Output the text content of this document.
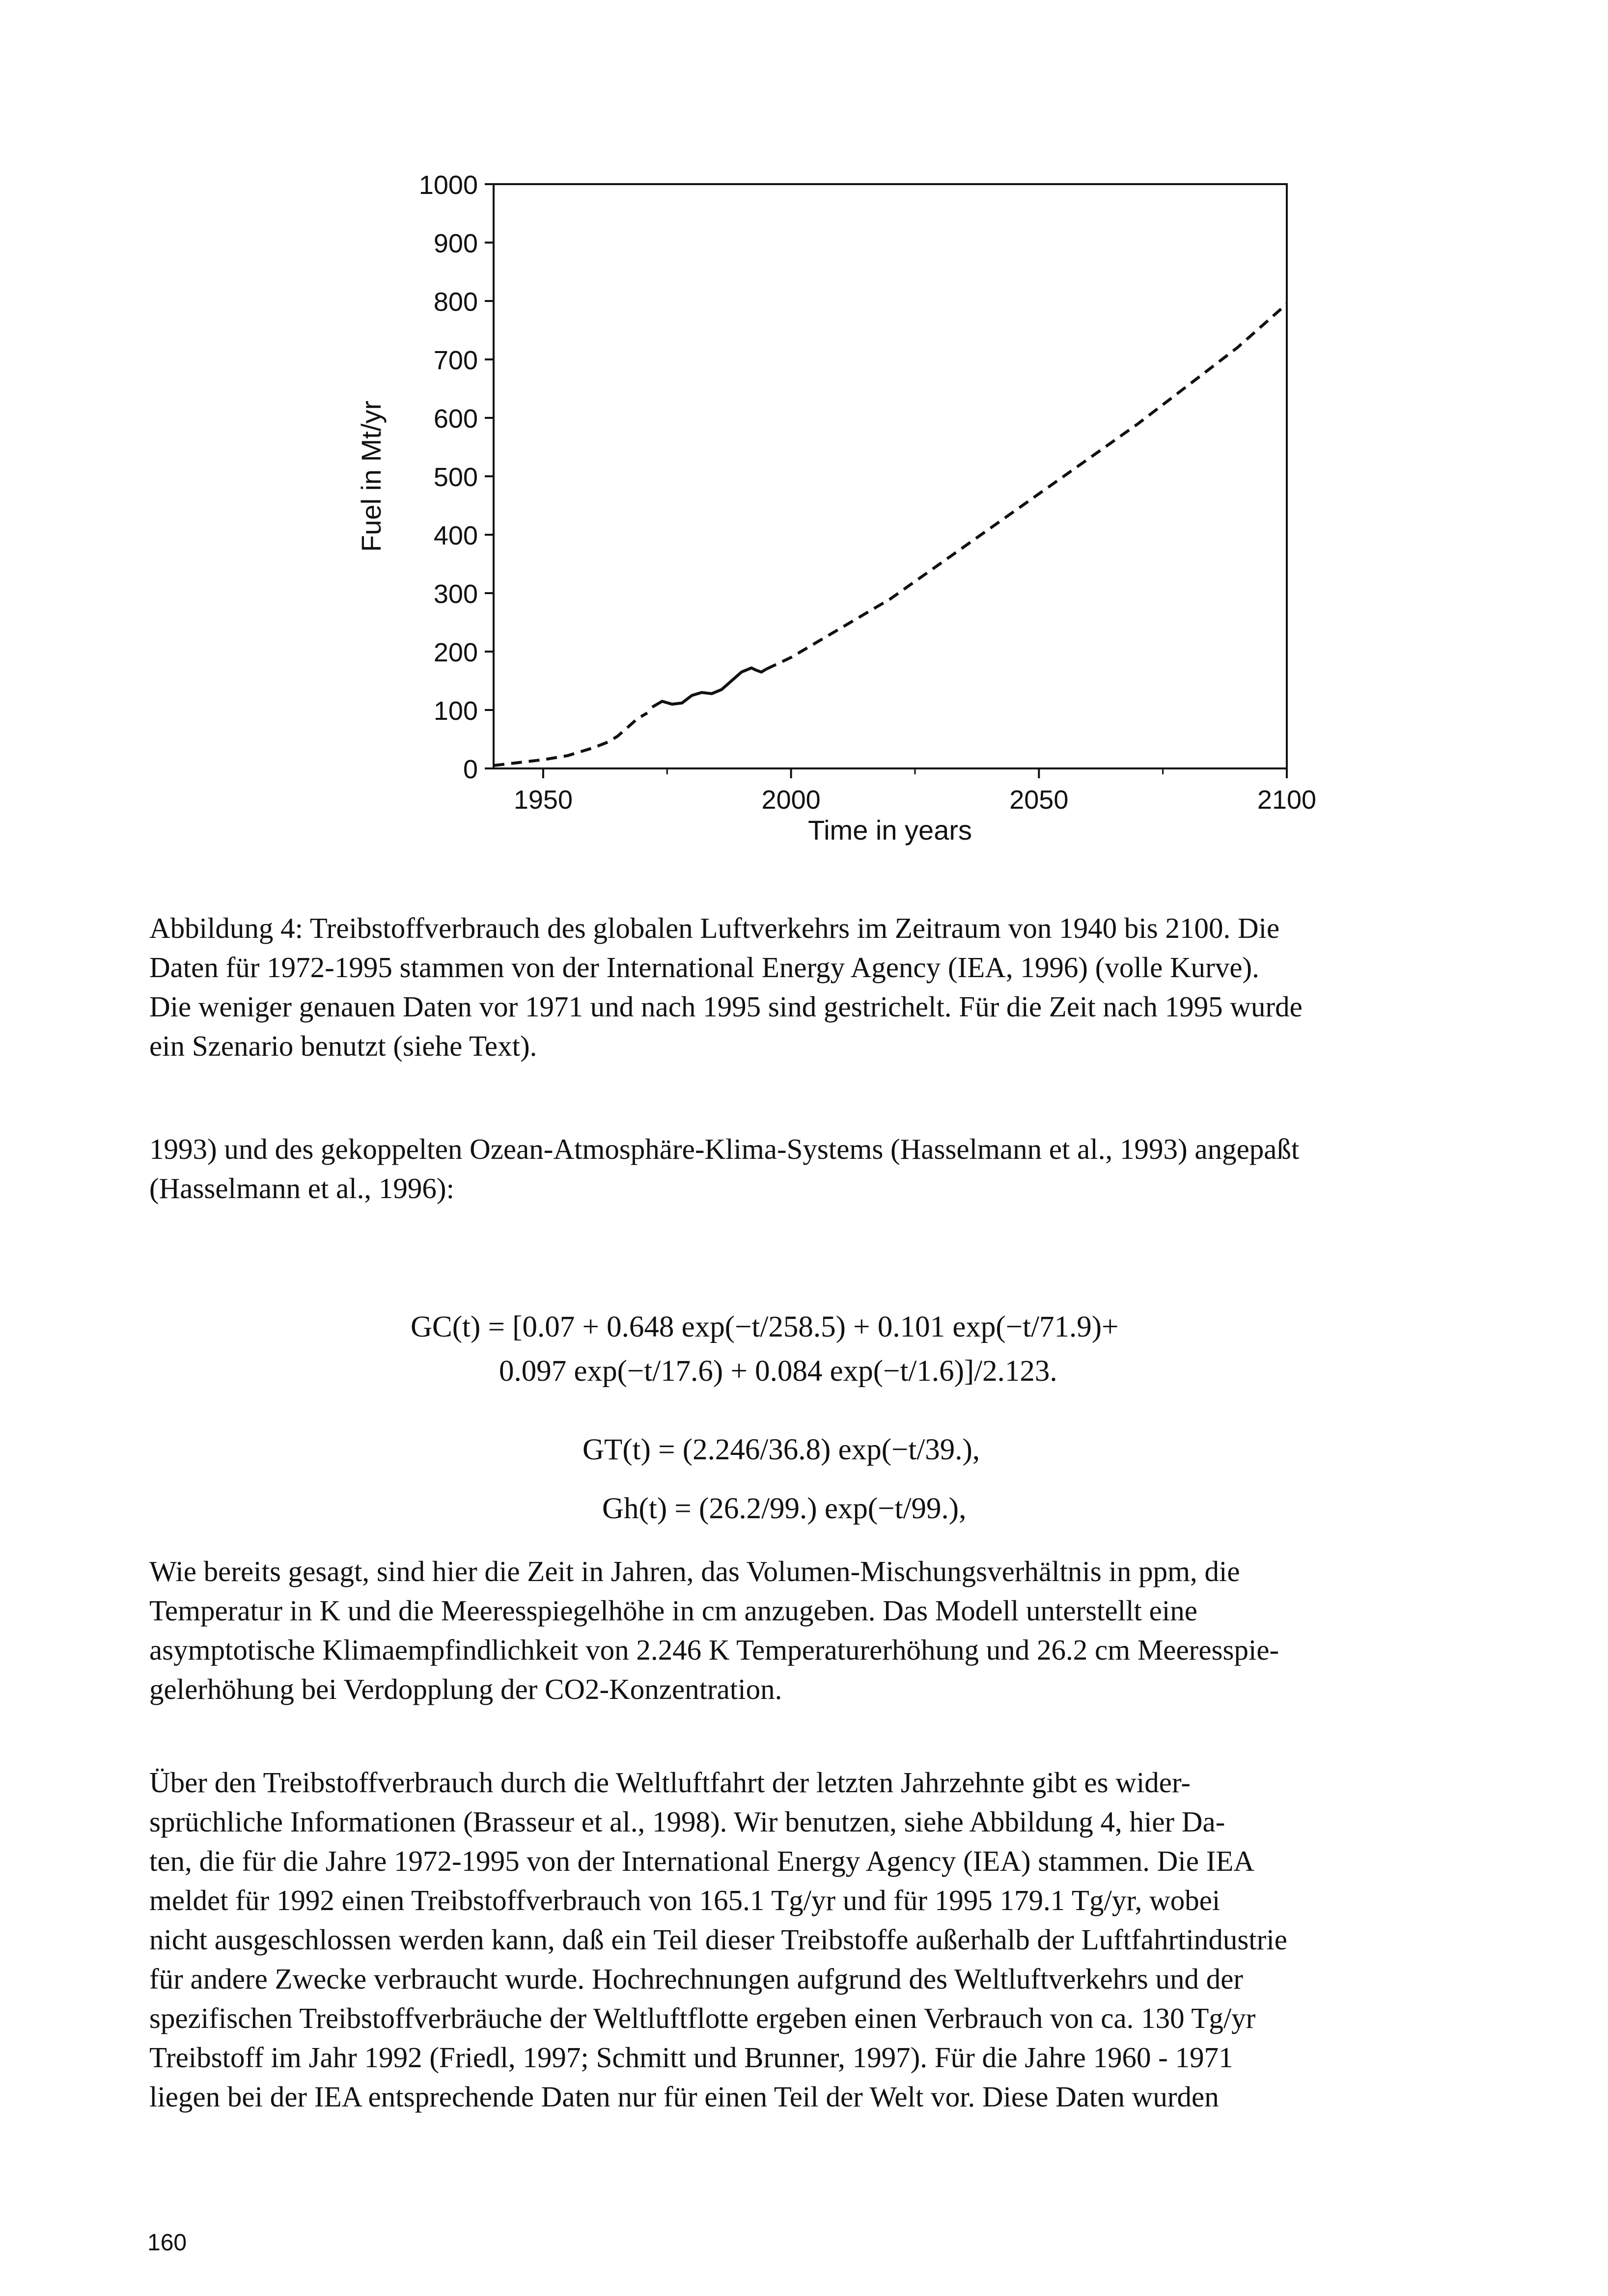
0
100
200
300
400
500
600
700
800
900
1000
1950	2000	2050	2100
Fuel in Mt/yr
Time in years
Abbildung 4: Treibstoffverbrauch des globalen Luftverkehrs im Zeitraum von 1940 bis 2100. Die
Daten für 1972-1995 stammen von der International Energy Agency (IEA, 1996) (volle Kurve).
Die weniger genauen Daten vor 1971 und nach 1995 sind gestrichelt. Für die Zeit nach 1995 wurde
ein Szenario benutzt (siehe Text).
1993) und des gekoppelten Ozean-Atmosphäre-Klima-Systems (Hasselmann et al., 1993) angepaßt
(Hasselmann et al., 1996):
GC(t) = [0.07 + 0.648 exp(−t/258.5) + 0.101 exp(−t/71.9)+
0.097 exp(−t/17.6) + 0.084 exp(−t/1.6)]/2.123.
GT(t) = (2.246/36.8) exp(−t/39.),
Gh(t) = (26.2/99.) exp(−t/99.),
Wie bereits gesagt, sind hier die Zeit in Jahren, das Volumen-Mischungsverhältnis in ppm, die
Temperatur in K und die Meeresspiegelhöhe in cm anzugeben. Das Modell unterstellt eine
asymptotische Klimaempfindlichkeit von 2.246 K Temperaturerhöhung und 26.2 cm Meeresspie-
gelerhöhung bei Verdopplung der CO2-Konzentration.
Über den Treibstoffverbrauch durch die Weltluftfahrt der letzten Jahrzehnte gibt es wider-
sprüchliche Informationen (Brasseur et al., 1998). Wir benutzen, siehe Abbildung 4, hier Da-
ten, die für die Jahre 1972-1995 von der International Energy Agency (IEA) stammen. Die IEA
meldet für 1992 einen Treibstoffverbrauch von 165.1 Tg/yr und für 1995 179.1 Tg/yr, wobei
nicht ausgeschlossen werden kann, daß ein Teil dieser Treibstoffe außerhalb der Luftfahrtindustrie
für andere Zwecke verbraucht wurde. Hochrechnungen aufgrund des Weltluftverkehrs und der
spezifischen Treibstoffverbräuche der Weltluftflotte ergeben einen Verbrauch von ca. 130 Tg/yr
Treibstoff im Jahr 1992 (Friedl, 1997; Schmitt und Brunner, 1997). Für die Jahre 1960 - 1971
liegen bei der IEA entsprechende Daten nur für einen Teil der Welt vor. Diese Daten wurden
160
